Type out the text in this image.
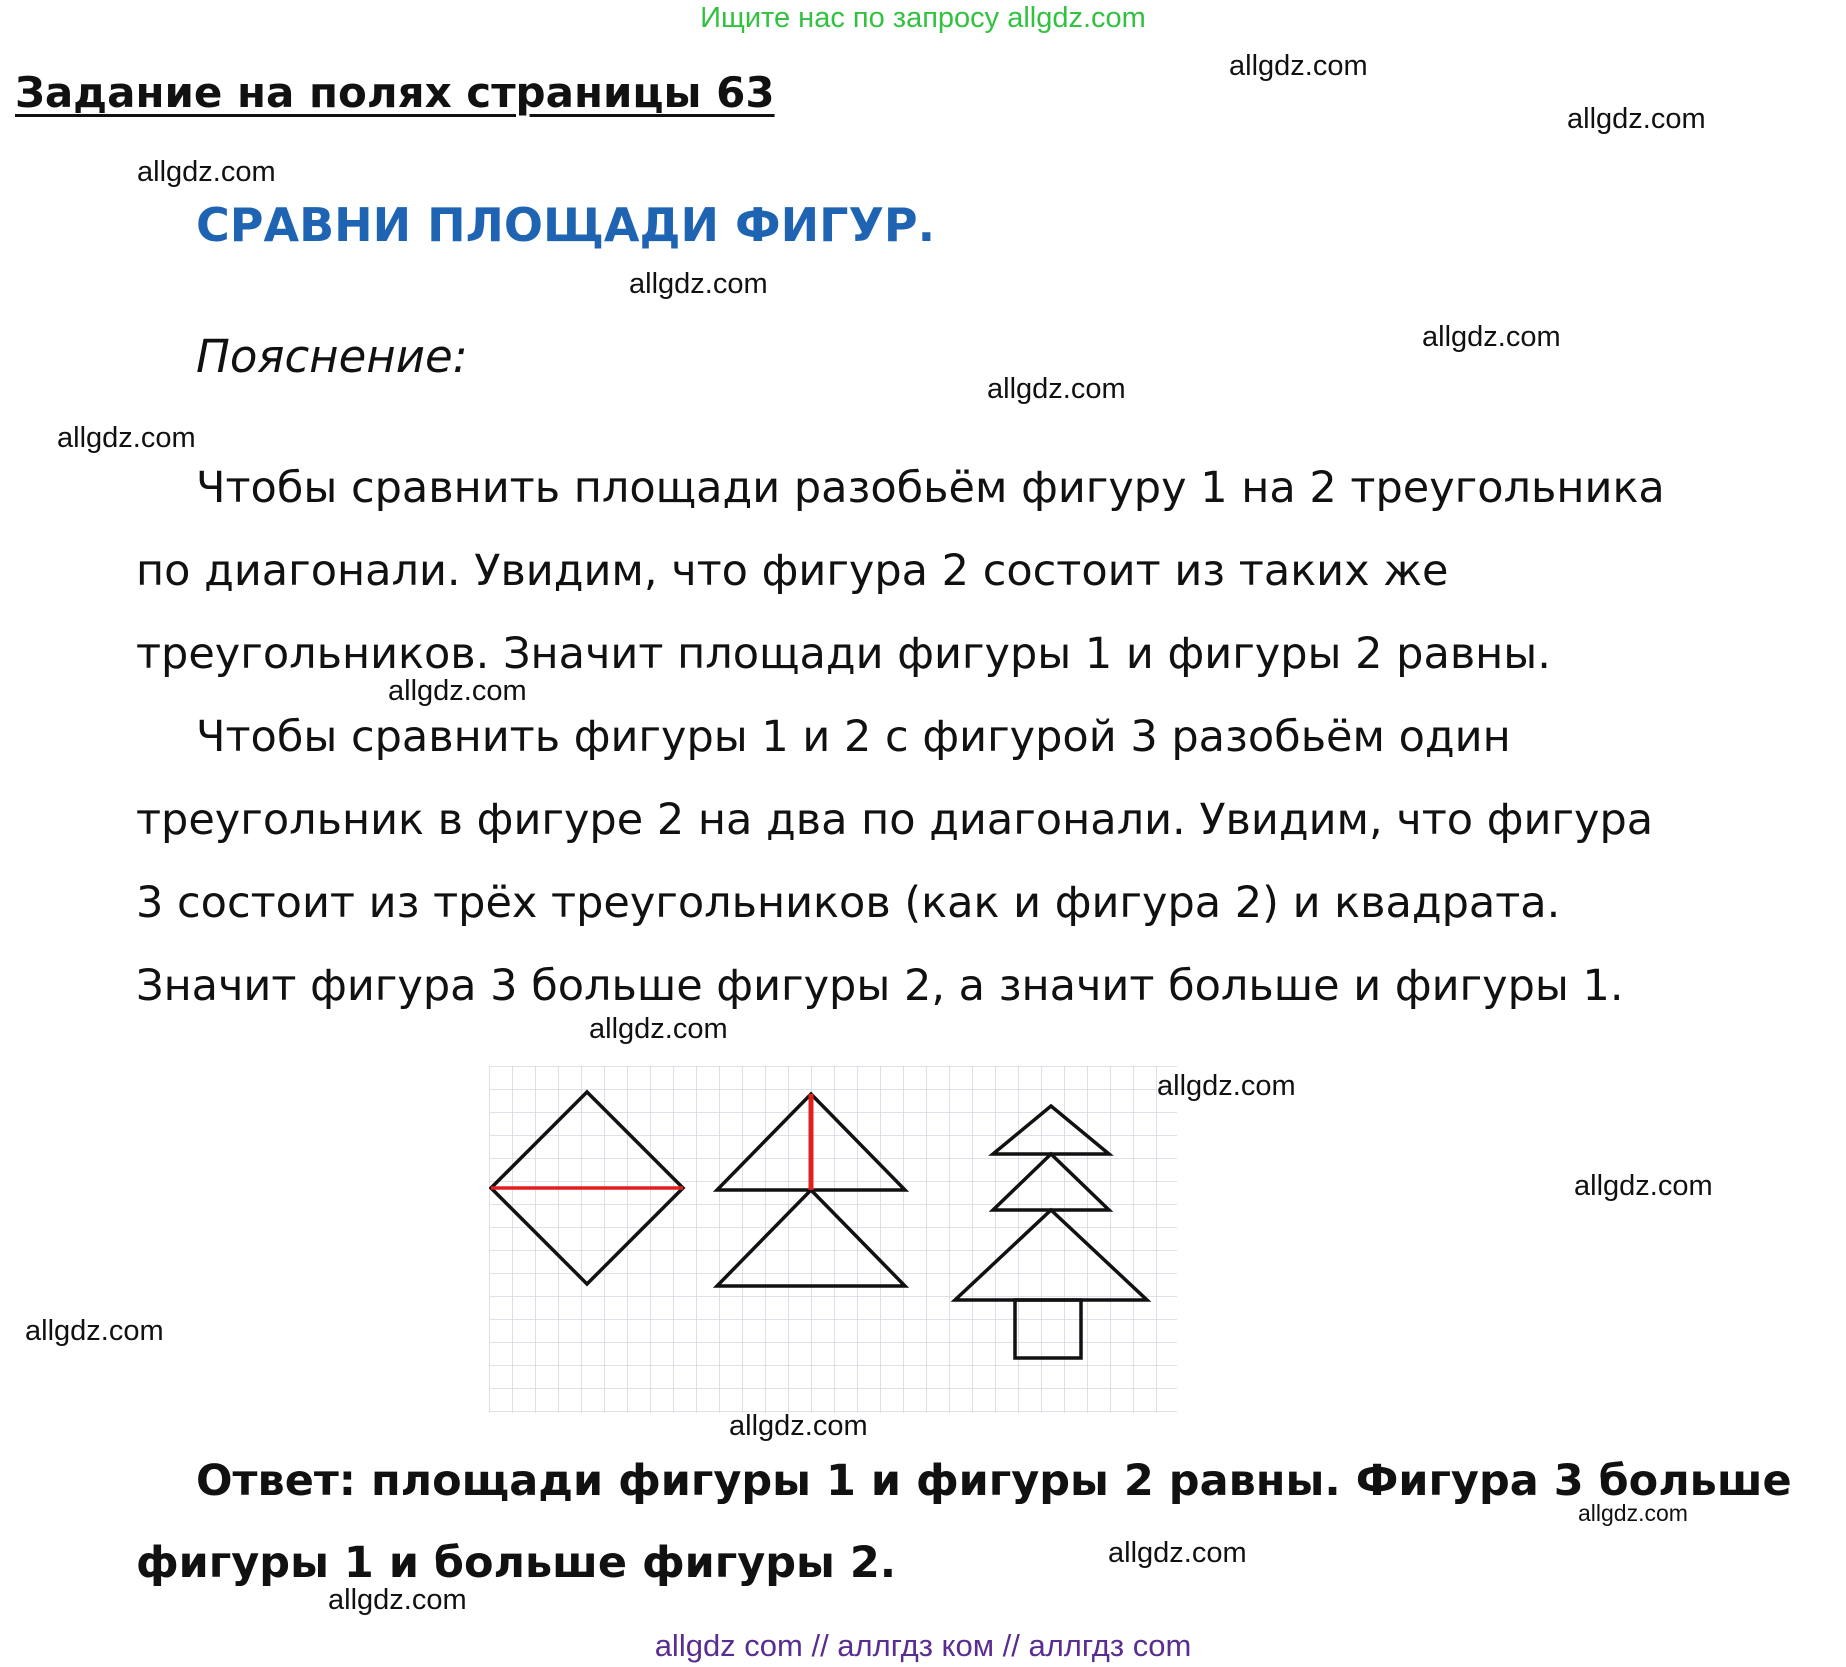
Ищите нас по запросу allgdz.com
Задание на полях страницы 63
СРАВНИ ПЛОЩАДИ ФИГУР.
Пояснение:
Чтобы сравнить площади разобьём фигуру 1 на 2 треугольника
по диагонали. Увидим, что фигура 2 состоит из таких же
треугольников. Значит площади фигуры 1 и фигуры 2 равны.
Чтобы сравнить фигуры 1 и 2 с фигурой 3 разобьём один
треугольник в фигуре 2 на два по диагонали. Увидим, что фигура
3 состоит из трёх треугольников (как и фигура 2) и квадрата.
Значит фигура 3 больше фигуры 2, а значит больше и фигуры 1.
Ответ: площади фигуры 1 и фигуры 2 равны. Фигура 3 больше
фигуры 1 и больше фигуры 2.
allgdz.com
allgdz.com
allgdz.com
allgdz.com
allgdz.com
allgdz.com
allgdz.com
allgdz.com
allgdz.com
allgdz.com
allgdz.com
allgdz.com
allgdz.com
allgdz.com
allgdz.com
allgdz.com
allgdz com // аллгдз ком // аллгдз com
